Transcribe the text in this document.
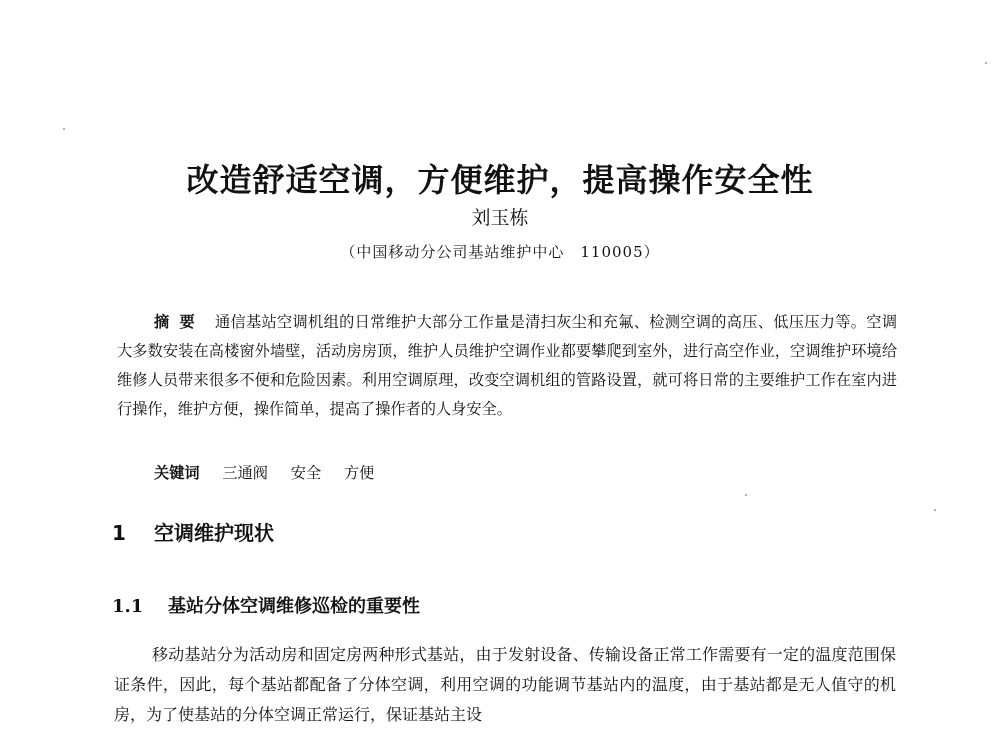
改造舒适空调，方便维护，提高操作安全性
刘玉栋
（中国移动分公司基站维护中心　110005）

摘要 通信基站空调机组的日常维护大部分工作量是清扫灰尘和充氟、检测空调的高压、低压压力等。空调大多数安装在高楼窗外墙壁，活动房房顶，维护人员维护空调作业都要攀爬到室外，进行高空作业，空调维护环境给维修人员带来很多不便和危险因素。利用空调原理，改变空调机组的管路设置，就可将日常的主要维护工作在室内进行操作，维护方便，操作简单，提高了操作者的人身安全。

关键词 三通阀 安全 方便
1 空调维护现状
1.1 基站分体空调维修巡检的重要性

移动基站分为活动房和固定房两种形式基站，由于发射设备、传输设备正常工作需要有一定的温度范围保证条件，因此，每个基站都配备了分体空调，利用空调的功能调节基站内的温度，由于基站都是无人值守的机房，为了使基站的分体空调正常运行，保证基站主设
